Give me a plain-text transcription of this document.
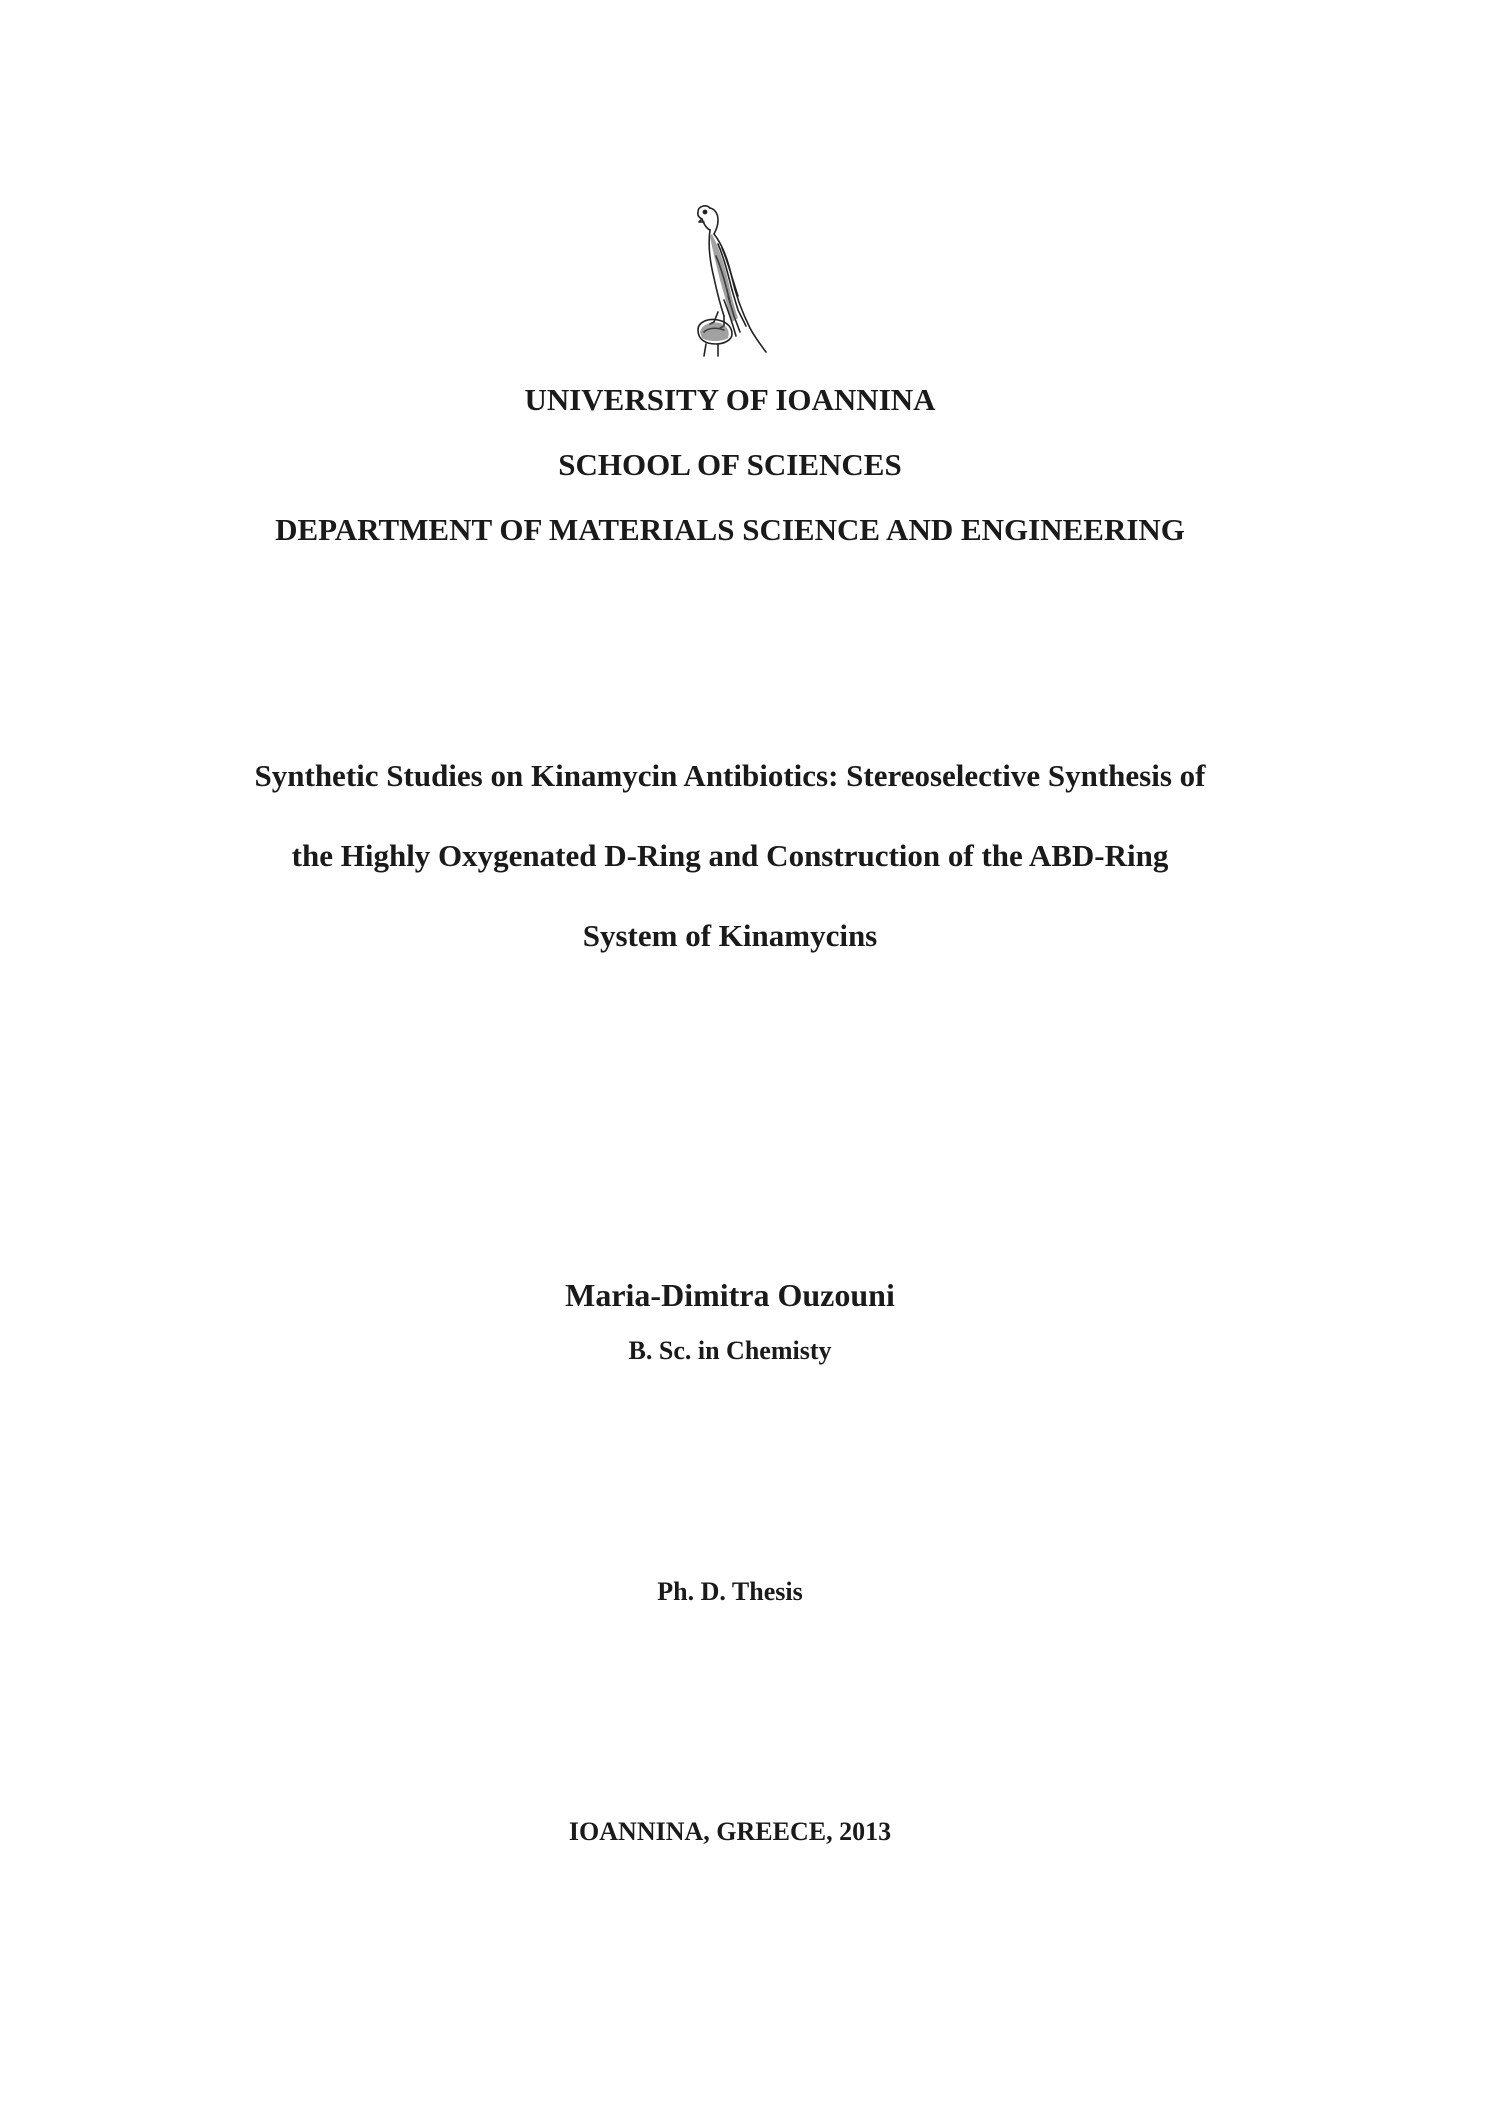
UNIVERSITY OF IOANNINA
SCHOOL OF SCIENCES
DEPARTMENT OF MATERIALS SCIENCE AND ENGINEERING
Synthetic Studies on Kinamycin Antibiotics: Stereoselective Synthesis of
the Highly Oxygenated D-Ring and Construction of the ABD-Ring
System of Kinamycins
Maria-Dimitra Ouzouni
B. Sc. in Chemisty
Ph. D. Thesis
IOANNINA, GREECE, 2013
